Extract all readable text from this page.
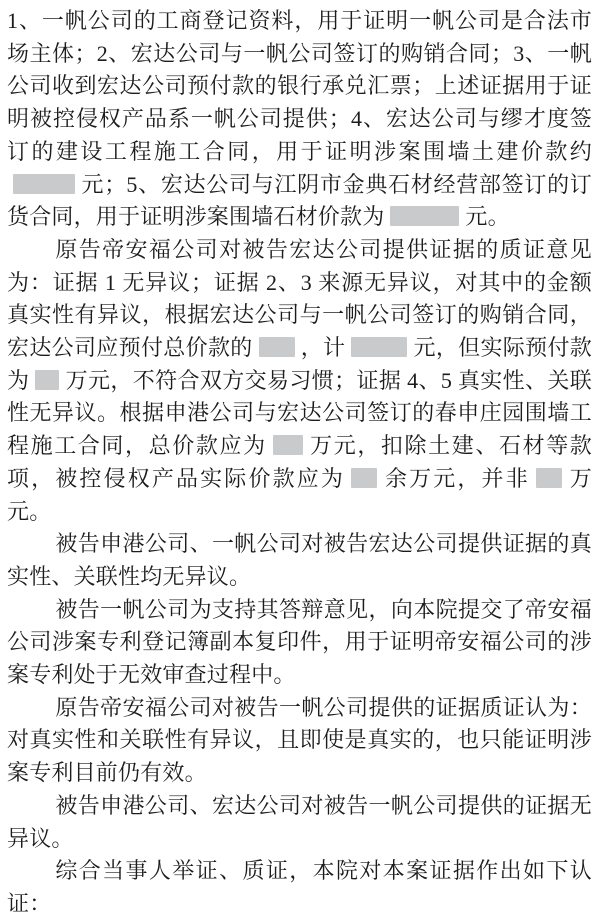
1、一帆公司的工商登记资料，用于证明一帆公司是合法市场主体；2、宏达公司与一帆公司签订的购销合同；3、一帆公司收到宏达公司预付款的银行承兑汇票；上述证据用于证明被控侵权产品系一帆公司提供；4、宏达公司与缪才度签订的建设工程施工合同，用于证明涉案围墙土建价款约元；5、宏达公司与江阴市金典石材经营部签订的订货合同，用于证明涉案围墙石材价款为	元。

原告帝安福公司对被告宏达公司提供证据的质证意见为：证据 1 无异议；证据 2、3 来源无异议，对其中的金额真实性有异议，根据宏达公司与一帆公司签订的购销合同，宏达公司应预付总价款的 ，计	元，但实际预付款为 万元，不符合双方交易习惯；证据 4、5 真实性、关联性无异议。根据申港公司与宏达公司签订的春申庄园围墙工程施工合同，总价款应为 万元，扣除土建、石材等款项，被控侵权产品实际价款应为 余万元，并非 万元。

被告申港公司、一帆公司对被告宏达公司提供证据的真实性、关联性均无异议。

被告一帆公司为支持其答辩意见，向本院提交了帝安福公司涉案专利登记簿副本复印件，用于证明帝安福公司的涉案专利处于无效审查过程中。

原告帝安福公司对被告一帆公司提供的证据质证认为：对真实性和关联性有异议，且即使是真实的，也只能证明涉案专利目前仍有效。

被告申港公司、宏达公司对被告一帆公司提供的证据无异议。

综合当事人举证、质证，本院对本案证据作出如下认证：
